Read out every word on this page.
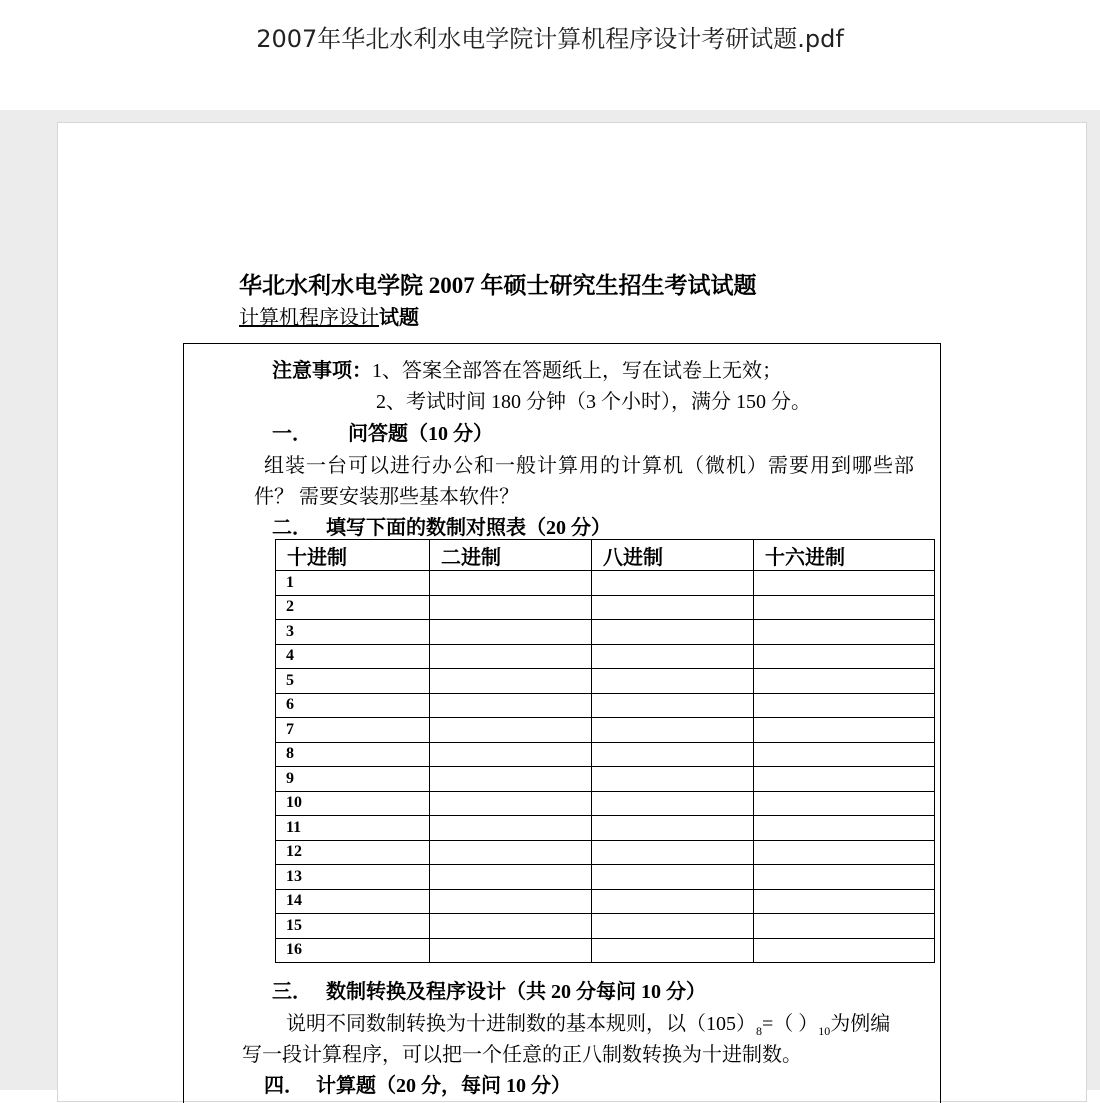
2007年华北水利水电学院计算机程序设计考研试题.pdf
华北水利水电学院 2007 年硕士研究生招生考试试题
计算机程序设计试题
注意事项：1、答案全部答在答题纸上，写在试卷上无效；
2、考试时间 180 分钟（3 个小时），满分 150 分。
一． 问答题（10 分）
组装一台可以进行办公和一般计算用的计算机（微机）需要用到哪些部
件？ 需要安装那些基本软件？
二． 填写下面的数制对照表（20 分）
十进制	二进制	八进制	十六进制
1			
2			
3			
4			
5			
6			
7			
8			
9			
10			
11			
12			
13			
14			
15			
16			
三． 数制转换及程序设计（共 20 分每问 10 分）
说明不同数制转换为十进制数的基本规则，以$(105)_8=$（ ）$_{10}$为例编
写一段计算程序，可以把一个任意的正八制数转换为十进制数。
四． 计算题（20 分，每问 10 分）
